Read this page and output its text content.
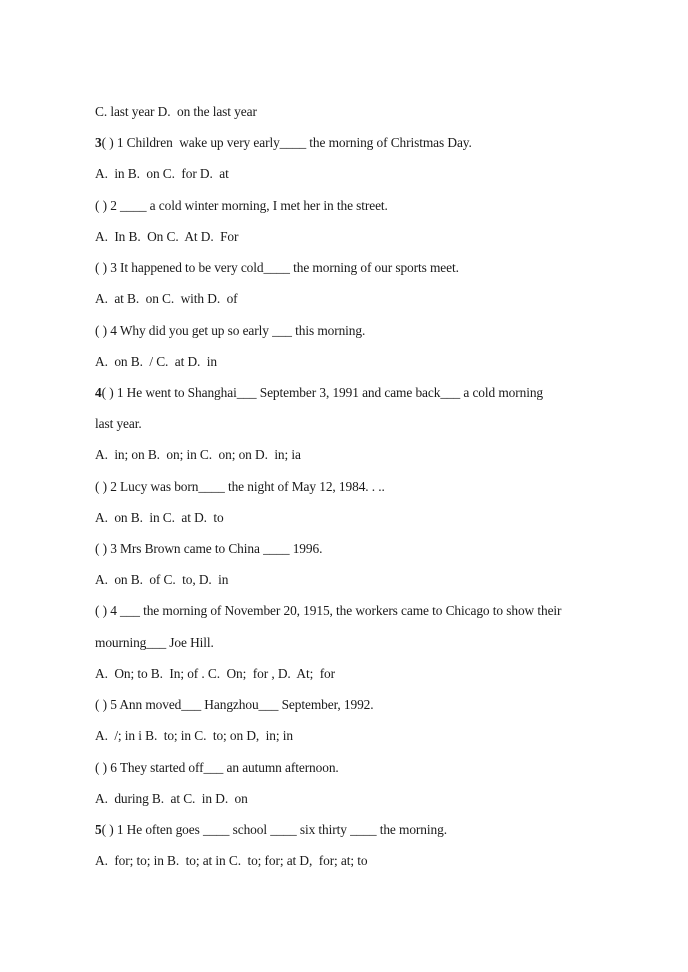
C. last year D.  on the last year
3( ) 1 Children  wake up very early____ the morning of Christmas Day.
A.  in B.  on C.  for D.  at
( ) 2 ____ a cold winter morning, I met her in the street.
A.  In B.  On C.  At D.  For
( ) 3 It happened to be very cold____ the morning of our sports meet.
A.  at B.  on C.  with D.  of
( ) 4 Why did you get up so early ___ this morning.
A.  on B.  / C.  at D.  in
4( ) 1 He went to Shanghai___ September 3, 1991 and came back___ a cold morning
last year.
A.  in; on B.  on; in C.  on; on D.  in; ia
( ) 2 Lucy was born____ the night of May 12, 1984. . ..
A.  on B.  in C.  at D.  to
( ) 3 Mrs Brown came to China ____ 1996.
A.  on B.  of C.  to, D.  in
( ) 4 ___ the morning of November 20, 1915, the workers came to Chicago to show their
mourning___ Joe Hill.
A.  On; to B.  In; of . C.  On;  for , D.  At;  for
( ) 5 Ann moved___ Hangzhou___ September, 1992.
A.  /; in i B.  to; in C.  to; on D,  in; in
( ) 6 They started off___ an autumn afternoon.
A.  during B.  at C.  in D.  on
5( ) 1 He often goes ____ school ____ six thirty ____ the morning.
A.  for; to; in B.  to; at in C.  to; for; at D,  for; at; to
